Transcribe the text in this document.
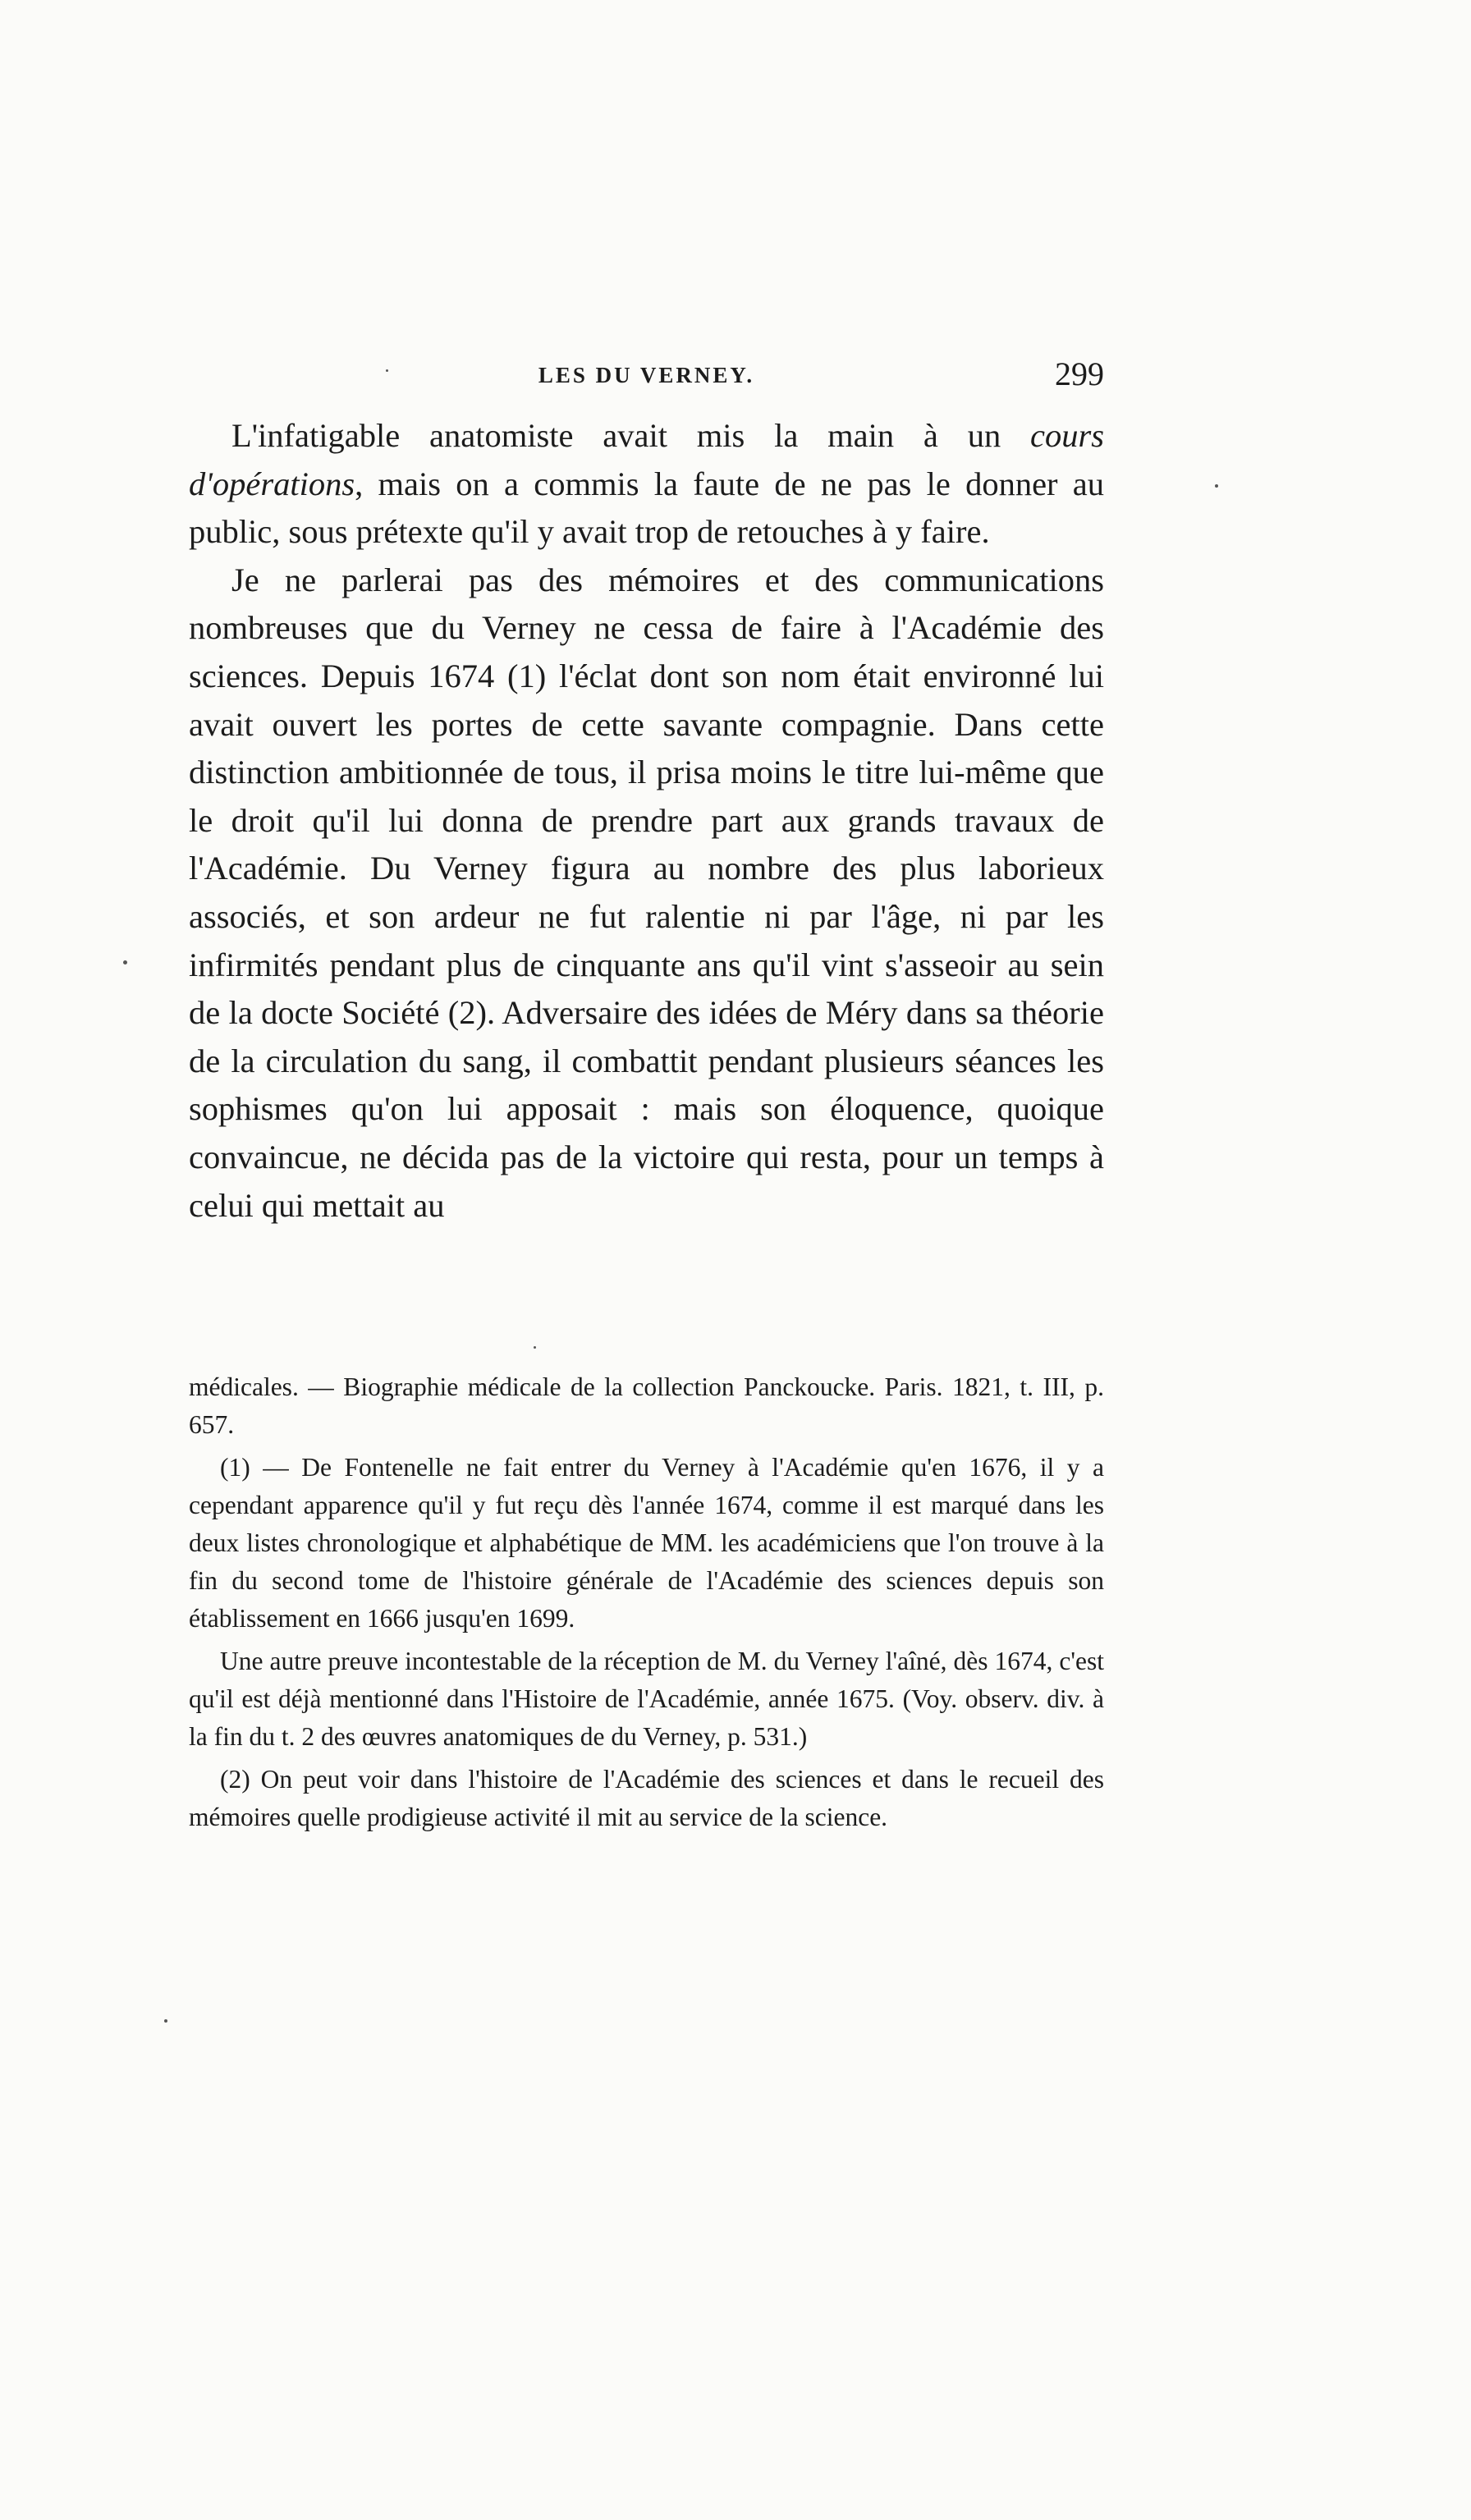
LES DU VERNEY.	299

L'infatigable anatomiste avait mis la main à un cours d'opérations, mais on a commis la faute de ne pas le donner au public, sous prétexte qu'il y avait trop de retouches à y faire.

Je ne parlerai pas des mémoires et des communications nombreuses que du Verney ne cessa de faire à l'Académie des sciences. Depuis 1674 (1) l'éclat dont son nom était environné lui avait ouvert les portes de cette savante compagnie. Dans cette distinction ambitionnée de tous, il prisa moins le titre lui-même que le droit qu'il lui donna de prendre part aux grands travaux de l'Académie. Du Verney figura au nombre des plus laborieux associés, et son ardeur ne fut ralentie ni par l'âge, ni par les infirmités pendant plus de cinquante ans qu'il vint s'asseoir au sein de la docte Société (2). Adversaire des idées de Méry dans sa théorie de la circulation du sang, il combattit pendant plusieurs séances les sophismes qu'on lui apposait : mais son éloquence, quoique convaincue, ne décida pas de la victoire qui resta, pour un temps à celui qui mettait au

médicales. — Biographie médicale de la collection Panckoucke. Paris. 1821, t. III, p. 657.

(1) — De Fontenelle ne fait entrer du Verney à l'Académie qu'en 1676, il y a cependant apparence qu'il y fut reçu dès l'année 1674, comme il est marqué dans les deux listes chronologique et alphabétique de MM. les académiciens que l'on trouve à la fin du second tome de l'histoire générale de l'Académie des sciences depuis son établissement en 1666 jusqu'en 1699.

Une autre preuve incontestable de la réception de M. du Verney l'aîné, dès 1674, c'est qu'il est déjà mentionné dans l'Histoire de l'Académie, année 1675. (Voy. observ. div. à la fin du t. 2 des œuvres anatomiques de du Verney, p. 531.)

(2) On peut voir dans l'histoire de l'Académie des sciences et dans le recueil des mémoires quelle prodigieuse activité il mit au service de la science.
